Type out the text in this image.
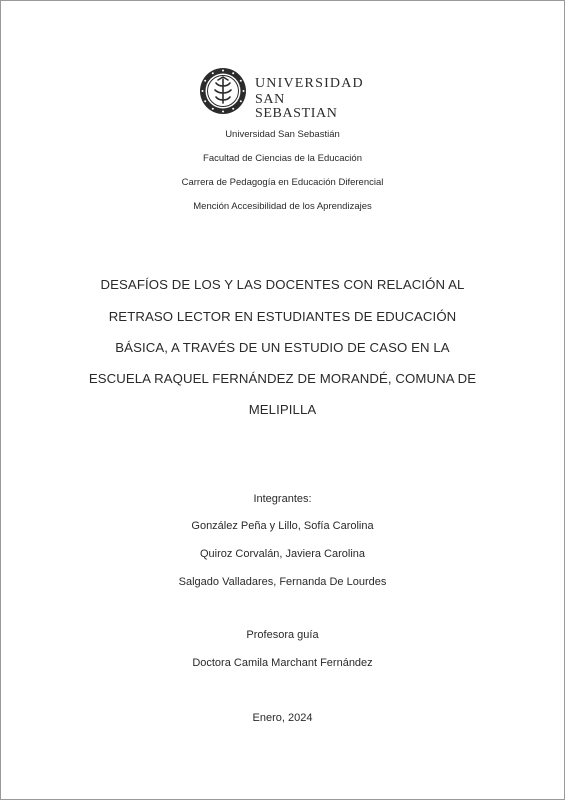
UNIVERSIDAD
SAN SEBASTIAN
Universidad San Sebastián
Facultad de Ciencias de la Educación
Carrera de Pedagogía en Educación Diferencial
Mención Accesibilidad de los Aprendizajes
DESAFÍOS DE LOS Y LAS DOCENTES CON RELACIÓN AL
RETRASO LECTOR EN ESTUDIANTES DE EDUCACIÓN
BÁSICA, A TRAVÉS DE UN ESTUDIO DE CASO EN LA
ESCUELA RAQUEL FERNÁNDEZ DE MORANDÉ, COMUNA DE
MELIPILLA
Integrantes:
González Peña y Lillo, Sofía Carolina
Quiroz Corvalán, Javiera Carolina
Salgado Valladares, Fernanda De Lourdes
Profesora guía
Doctora Camila Marchant Fernández
Enero, 2024
